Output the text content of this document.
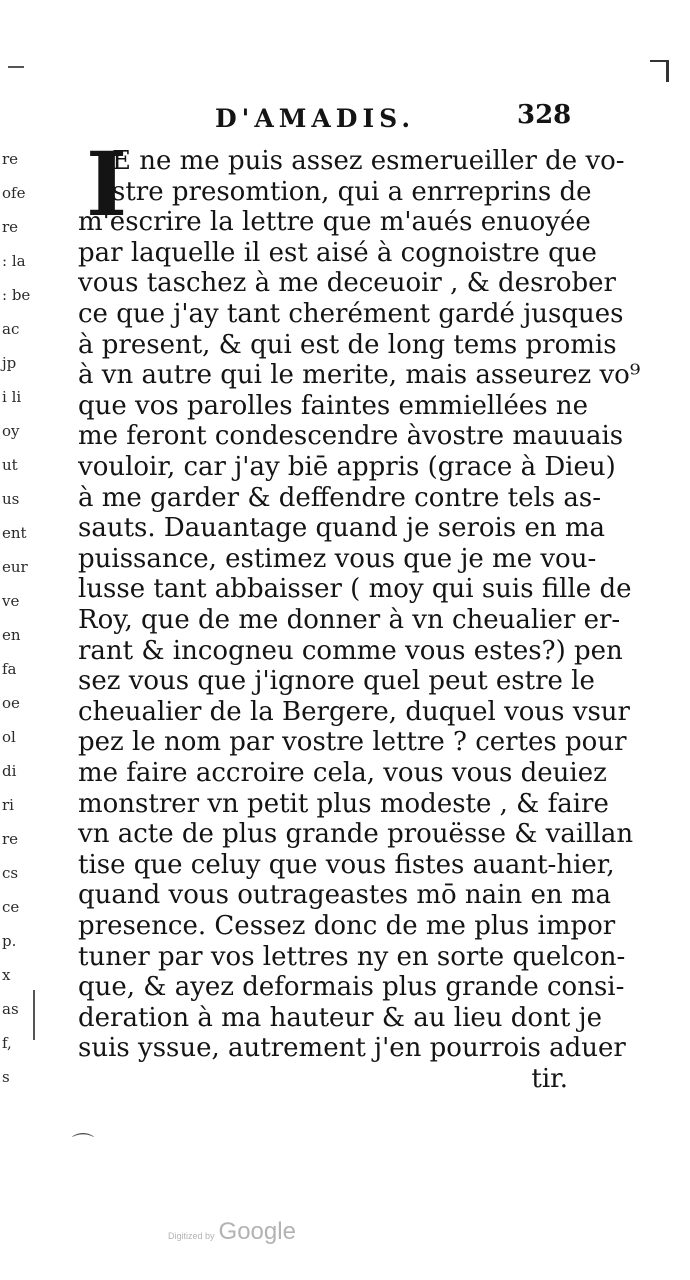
D'AMADIS.	328
re
ofe
re
: la
: be
ac
jp
i li
oy
ut
us
ent
eur
ve
en
fa
oe
ol
di
ri
re
cs
ce
p.
x
as
f,
s
I
E ne me puis assez esmerueiller de vo-
stre presomtion, qui a enrreprins de
m'escrire la lettre que m'aués enuoyée
par laquelle il est aisé à cognoistre que
vous taschez à me deceuoir , & desrober
ce que j'ay tant cherément gardé jusques
à present, & qui est de long tems promis
à vn autre qui le merite, mais asseurez vo⁹
que vos parolles faintes emmiellées ne
me feront condescendre àvostre mauuais
vouloir, car j'ay biē appris (grace à Dieu)
à me garder & deffendre contre tels as-
sauts. Dauantage quand je serois en ma
puissance, estimez vous que je me vou-
lusse tant abbaisser ( moy qui suis fille de
Roy, que de me donner à vn cheualier er-
rant & incogneu comme vous estes?) pen
sez vous que j'ignore quel peut estre le
cheualier de la Bergere, duquel vous vsur
pez le nom par vostre lettre ? certes pour
me faire accroire cela, vous vous deuiez
monstrer vn petit plus modeste , & faire
vn acte de plus grande prouësse & vaillan
tise que celuy que vous fistes auant-hier,
quand vous outrageastes mō nain en ma
presence. Cessez donc de me plus impor
tuner par vos lettres ny en sorte quelcon-
que, & ayez deformais plus grande consi-
deration à ma hauteur & au lieu dont je
suis yssue, autrement j'en pourrois aduer
tir.
⌒
Digitized by Google
